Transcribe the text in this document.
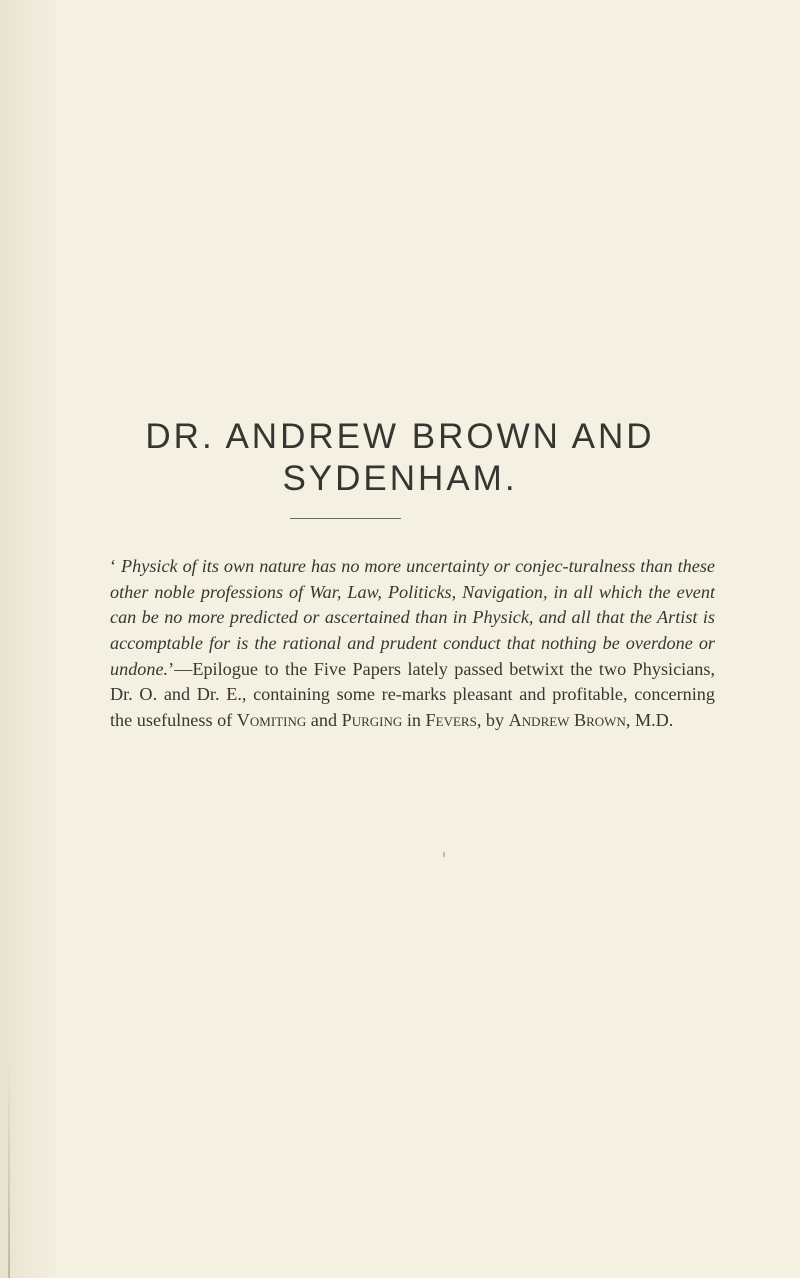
DR. ANDREW BROWN AND
SYDENHAM.

‘ Physick of its own nature has no more uncertainty or conjec-turalness than these other noble professions of War, Law, Politicks, Navigation, in all which the event can be no more predicted or ascertained than in Physick, and all that the Artist is accomptable for is the rational and prudent conduct that nothing be overdone or undone.’—Epilogue to the Five Papers lately passed betwixt the two Physicians, Dr. O. and Dr. E., containing some re-marks pleasant and profitable, concerning the usefulness of Vomiting and Purging in Fevers, by Andrew Brown, M.D.
